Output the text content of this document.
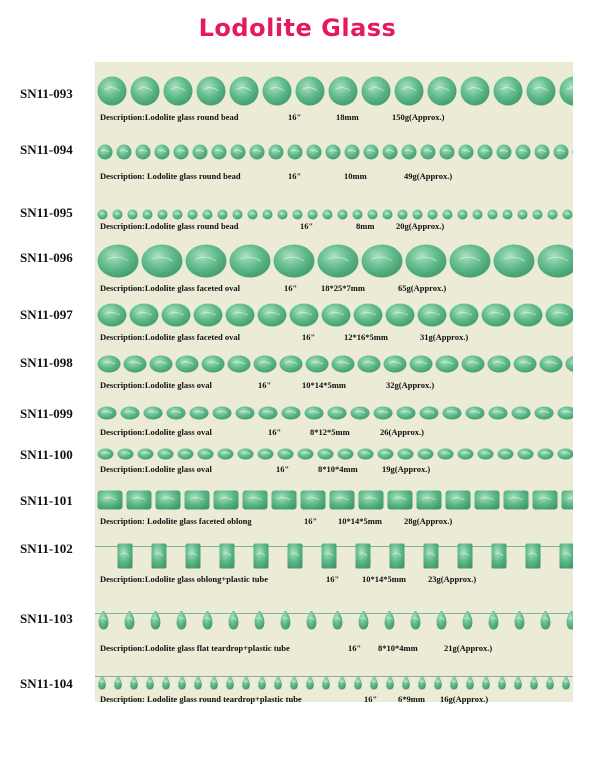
Lodolite Glass
SN11-093
Description:Lodolite glass round bead	16"	18mm	150g(Approx.)
SN11-094
Description: Lodolite glass round bead	16"	10mm	49g(Approx.)
SN11-095
Description:Lodolite glass round bead	16"	8mm	20g(Approx.)
SN11-096
Description:Lodolite glass faceted oval	16"	18*25*7mm	65g(Approx.)
SN11-097
Description:Lodolite glass faceted oval	16"	12*16*5mm	31g(Approx.)
SN11-098
Description:Lodolite glass oval	16"	10*14*5mm	32g(Approx.)
SN11-099
Description:Lodolite glass oval	16"	8*12*5mm	26(Approx.)
SN11-100
Description:Lodolite glass oval	16"	8*10*4mm	19g(Approx.)
SN11-101
Description: Lodolite glass faceted oblong	16" 10*14*5mm	28g(Approx.)
SN11-102
Description:Lodolite glass oblong+plastic tube	16"	10*14*5mm	23g(Approx.)
SN11-103
Description:Lodolite glass flat teardrop+plastic tube	16" 8*10*4mm	21g(Approx.)
SN11-104
Description: Lodolite glass round teardrop+plastic tube	16" 6*9mm 16g(Approx.)
